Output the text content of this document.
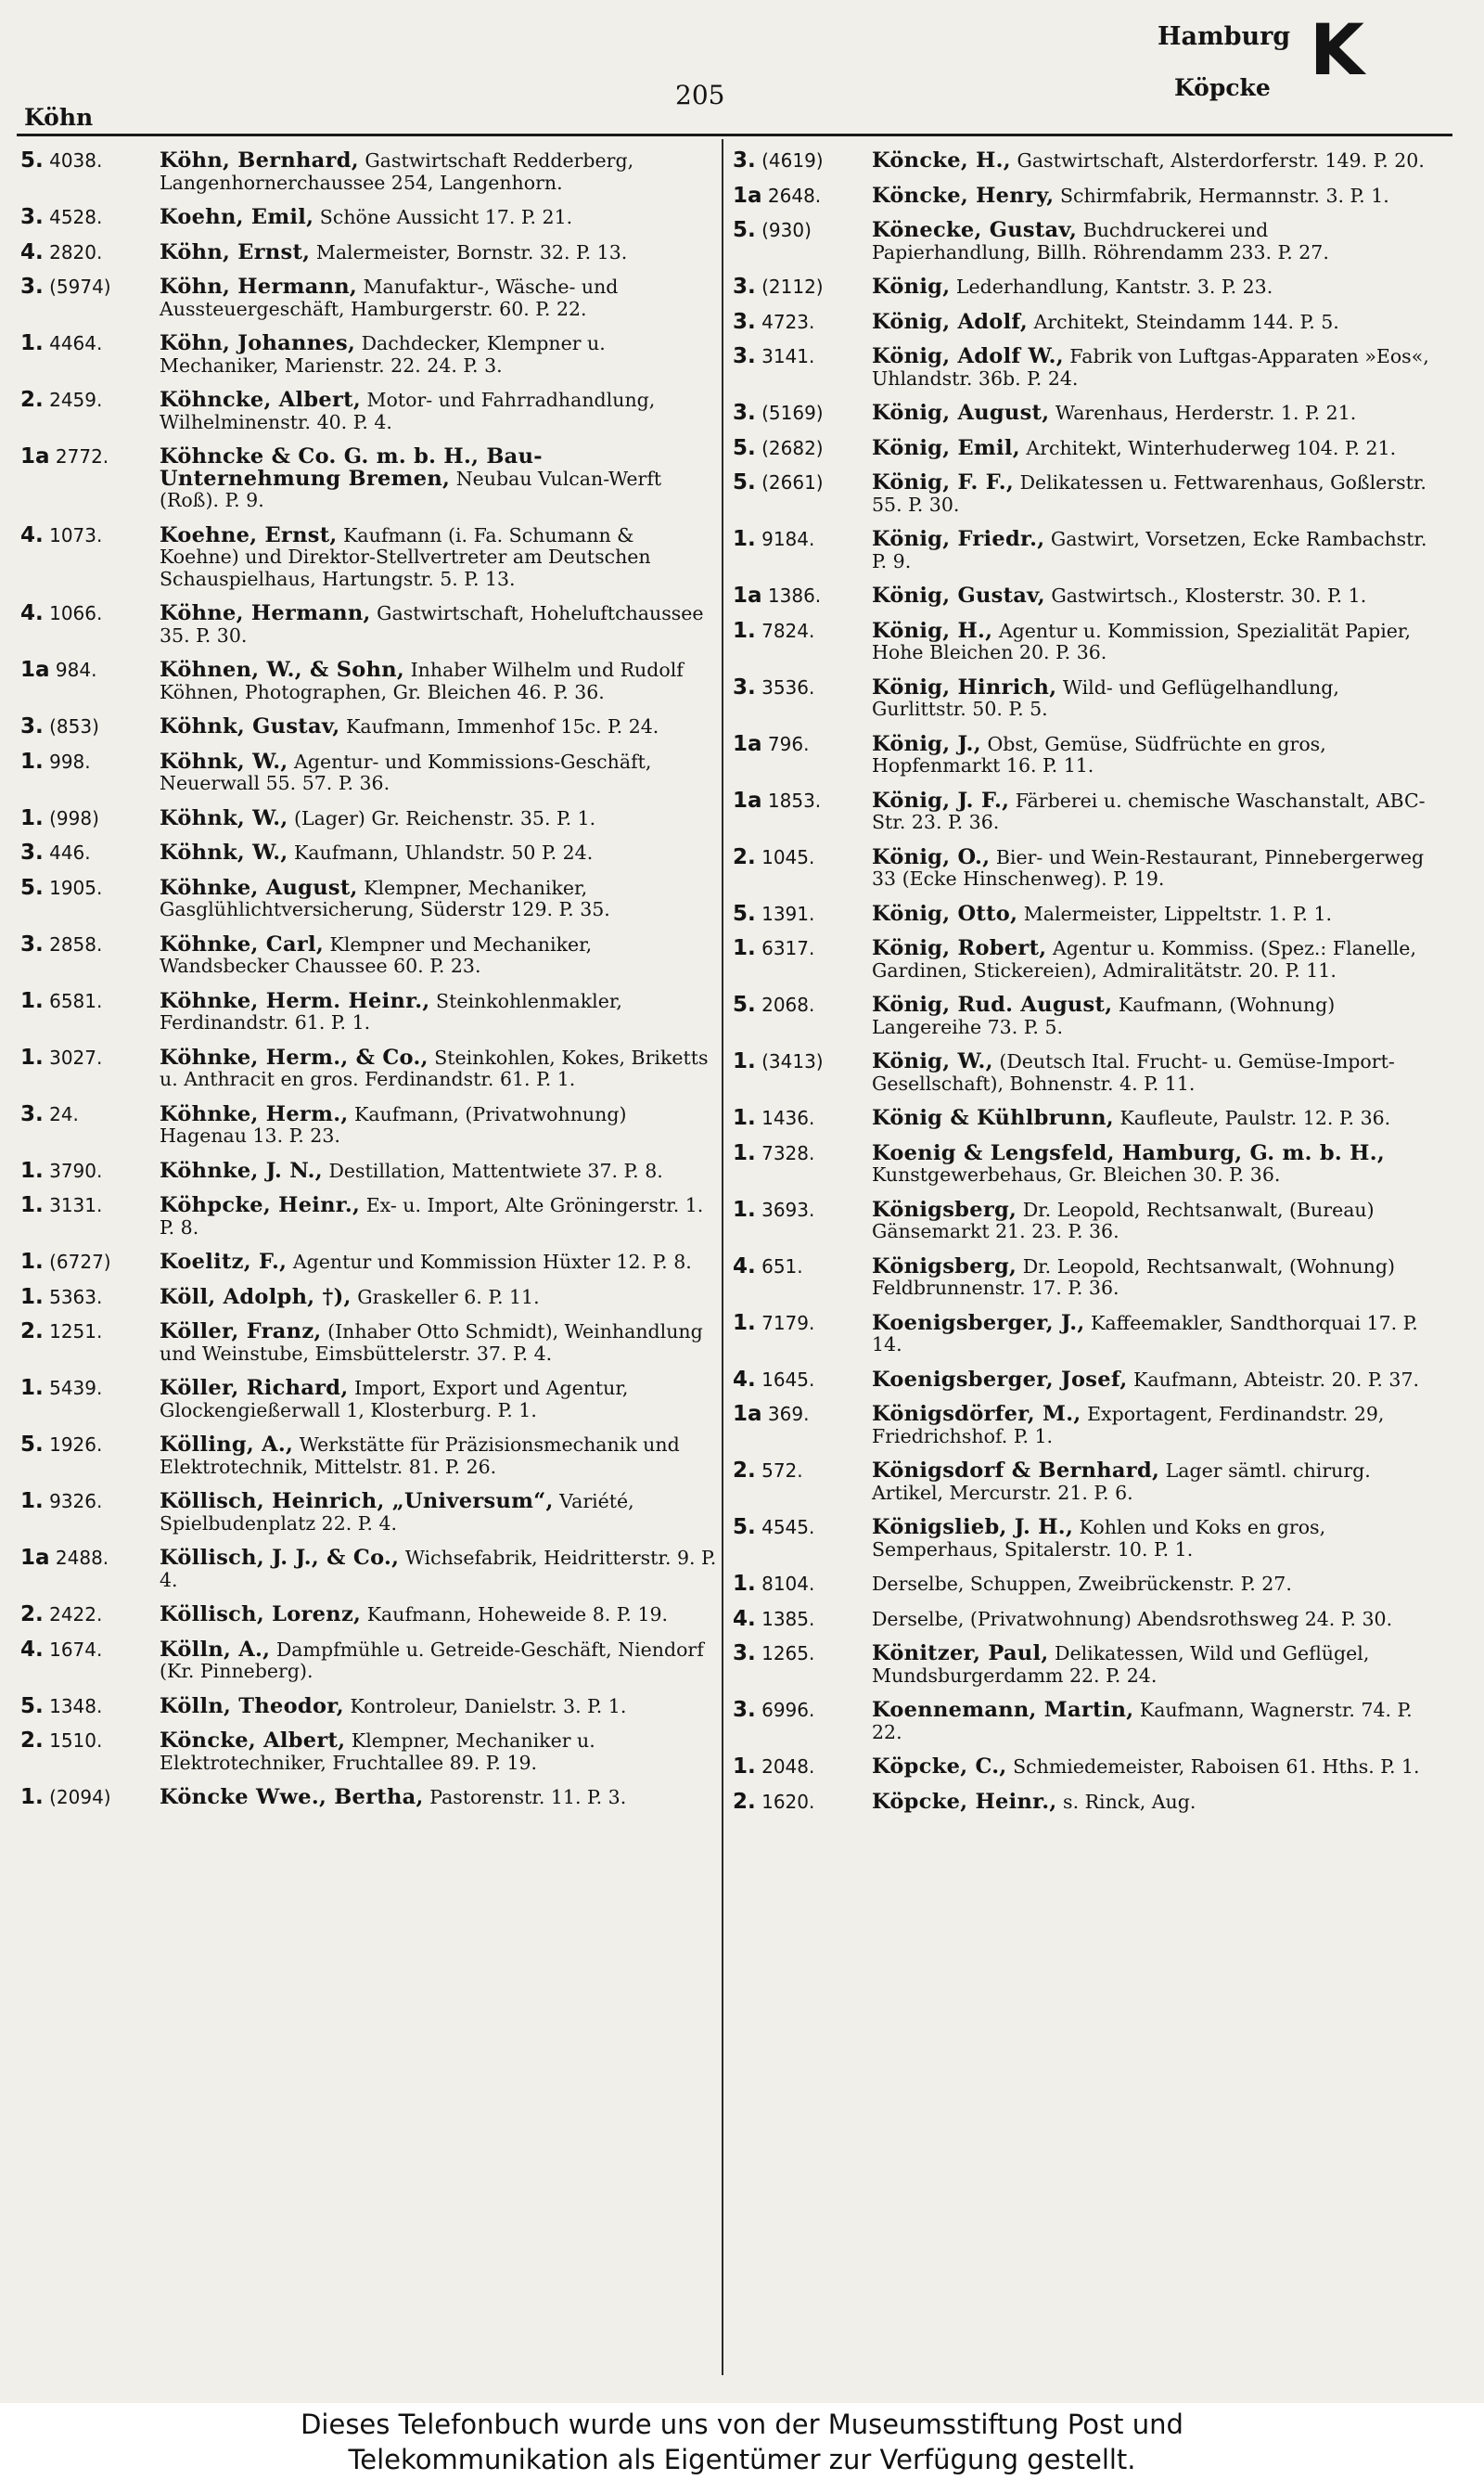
Köhn
205
Hamburg K
Köpcke
5. 4038.	Köhn, Bernhard, Gastwirtschaft Redderberg, Langenhornerchaussee 254, Langenhorn.
3. 4528.	Koehn, Emil, Schöne Aussicht 17. P. 21.
4. 2820.	Köhn, Ernst, Malermeister, Bornstr. 32. P. 13.
3. (5974)	Köhn, Hermann, Manufaktur-, Wäsche- und Aussteuergeschäft, Hamburgerstr. 60. P. 22.
1. 4464.	Köhn, Johannes, Dachdecker, Klempner u. Mechaniker, Marienstr. 22. 24. P. 3.
2. 2459.	Köhncke, Albert, Motor- und Fahrradhandlung, Wilhelminenstr. 40. P. 4.
1a 2772.	Köhncke & Co. G. m. b. H., Bau-Unternehmung Bremen, Neubau Vulcan-Werft (Roß). P. 9.
4. 1073.	Koehne, Ernst, Kaufmann (i. Fa. Schumann & Koehne) und Direktor-Stellvertreter am Deutschen Schauspielhaus, Hartungstr. 5. P. 13.
4. 1066.	Köhne, Hermann, Gastwirtschaft, Hoheluftchaussee 35. P. 30.
1a 984.	Köhnen, W., & Sohn, Inhaber Wilhelm und Rudolf Köhnen, Photographen, Gr. Bleichen 46. P. 36.
3. (853)	Köhnk, Gustav, Kaufmann, Immenhof 15c. P. 24.
1. 998.	Köhnk, W., Agentur- und Kommissions-Geschäft, Neuerwall 55. 57. P. 36.
1. (998)	Köhnk, W., (Lager) Gr. Reichenstr. 35. P. 1.
3. 446.	Köhnk, W., Kaufmann, Uhlandstr. 50 P. 24.
5. 1905.	Köhnke, August, Klempner, Mechaniker, Gasglühlichtversicherung, Süderstr 129. P. 35.
3. 2858.	Köhnke, Carl, Klempner und Mechaniker, Wandsbecker Chaussee 60. P. 23.
1. 6581.	Köhnke, Herm. Heinr., Steinkohlenmakler, Ferdinandstr. 61. P. 1.
1. 3027.	Köhnke, Herm., & Co., Steinkohlen, Kokes, Briketts u. Anthracit en gros. Ferdinandstr. 61. P. 1.
3. 24.	Köhnke, Herm., Kaufmann, (Privatwohnung) Hagenau 13. P. 23.
1. 3790.	Köhnke, J. N., Destillation, Mattentwiete 37. P. 8.
1. 3131.	Köhpcke, Heinr., Ex- u. Import, Alte Gröningerstr. 1. P. 8.
1. (6727)	Koelitz, F., Agentur und Kommission Hüxter 12. P. 8.
1. 5363.	Köll, Adolph, †), Graskeller 6. P. 11.
2. 1251.	Köller, Franz, (Inhaber Otto Schmidt), Weinhandlung und Weinstube, Eimsbüttelerstr. 37. P. 4.
1. 5439.	Köller, Richard, Import, Export und Agentur, Glockengießerwall 1, Klosterburg. P. 1.
5. 1926.	Kölling, A., Werkstätte für Präzisionsmechanik und Elektrotechnik, Mittelstr. 81. P. 26.
1. 9326.	Köllisch, Heinrich, „Universum“, Variété, Spielbudenplatz 22. P. 4.
1a 2488.	Köllisch, J. J., & Co., Wichsefabrik, Heidritterstr. 9. P. 4.
2. 2422.	Köllisch, Lorenz, Kaufmann, Hoheweide 8. P. 19.
4. 1674.	Kölln, A., Dampfmühle u. Getreide-Geschäft, Niendorf (Kr. Pinneberg).
5. 1348.	Kölln, Theodor, Kontroleur, Danielstr. 3. P. 1.
2. 1510.	Köncke, Albert, Klempner, Mechaniker u. Elektrotechniker, Fruchtallee 89. P. 19.
1. (2094)	Köncke Wwe., Bertha, Pastorenstr. 11. P. 3.
3. (4619)	Köncke, H., Gastwirtschaft, Alsterdorferstr. 149. P. 20.
1a 2648.	Köncke, Henry, Schirmfabrik, Hermannstr. 3. P. 1.
5. (930)	Könecke, Gustav, Buchdruckerei und Papierhandlung, Billh. Röhrendamm 233. P. 27.
3. (2112)	König, Lederhandlung, Kantstr. 3. P. 23.
3. 4723.	König, Adolf, Architekt, Steindamm 144. P. 5.
3. 3141.	König, Adolf W., Fabrik von Luftgas-Apparaten »Eos«, Uhlandstr. 36b. P. 24.
3. (5169)	König, August, Warenhaus, Herderstr. 1. P. 21.
5. (2682)	König, Emil, Architekt, Winterhuderweg 104. P. 21.
5. (2661)	König, F. F., Delikatessen u. Fettwarenhaus, Goßlerstr. 55. P. 30.
1. 9184.	König, Friedr., Gastwirt, Vorsetzen, Ecke Rambachstr. P. 9.
1a 1386.	König, Gustav, Gastwirtsch., Klosterstr. 30. P. 1.
1. 7824.	König, H., Agentur u. Kommission, Spezialität Papier, Hohe Bleichen 20. P. 36.
3. 3536.	König, Hinrich, Wild- und Geflügelhandlung, Gurlittstr. 50. P. 5.
1a 796.	König, J., Obst, Gemüse, Südfrüchte en gros, Hopfenmarkt 16. P. 11.
1a 1853.	König, J. F., Färberei u. chemische Waschanstalt, ABC-Str. 23. P. 36.
2. 1045.	König, O., Bier- und Wein-Restaurant, Pinnebergerweg 33 (Ecke Hinschenweg). P. 19.
5. 1391.	König, Otto, Malermeister, Lippeltstr. 1. P. 1.
1. 6317.	König, Robert, Agentur u. Kommiss. (Spez.: Flanelle, Gardinen, Stickereien), Admiralitätstr. 20. P. 11.
5. 2068.	König, Rud. August, Kaufmann, (Wohnung) Langereihe 73. P. 5.
1. (3413)	König, W., (Deutsch Ital. Frucht- u. Gemüse-Import-Gesellschaft), Bohnenstr. 4. P. 11.
1. 1436.	König & Kühlbrunn, Kaufleute, Paulstr. 12. P. 36.
1. 7328.	Koenig & Lengsfeld, Hamburg, G. m. b. H., Kunstgewerbehaus, Gr. Bleichen 30. P. 36.
1. 3693.	Königsberg, Dr. Leopold, Rechtsanwalt, (Bureau) Gänsemarkt 21. 23. P. 36.
4. 651.	Königsberg, Dr. Leopold, Rechtsanwalt, (Wohnung) Feldbrunnenstr. 17. P. 36.
1. 7179.	Koenigsberger, J., Kaffeemakler, Sandthorquai 17. P. 14.
4. 1645.	Koenigsberger, Josef, Kaufmann, Abteistr. 20. P. 37.
1a 369.	Königsdörfer, M., Exportagent, Ferdinandstr. 29, Friedrichshof. P. 1.
2. 572.	Königsdorf & Bernhard, Lager sämtl. chirurg. Artikel, Mercurstr. 21. P. 6.
5. 4545.	Königslieb, J. H., Kohlen und Koks en gros, Semperhaus, Spitalerstr. 10. P. 1.
1. 8104.	Derselbe, Schuppen, Zweibrückenstr. P. 27.
4. 1385.	Derselbe, (Privatwohnung) Abendsrothsweg 24. P. 30.
3. 1265.	Könitzer, Paul, Delikatessen, Wild und Geflügel, Mundsburgerdamm 22. P. 24.
3. 6996.	Koennemann, Martin, Kaufmann, Wagnerstr. 74. P. 22.
1. 2048.	Köpcke, C., Schmiedemeister, Raboisen 61. Hths. P. 1.
2. 1620.	Köpcke, Heinr., s. Rinck, Aug.
Dieses Telefonbuch wurde uns von der Museumsstiftung Post und
Telekommunikation als Eigentümer zur Verfügung gestellt.
